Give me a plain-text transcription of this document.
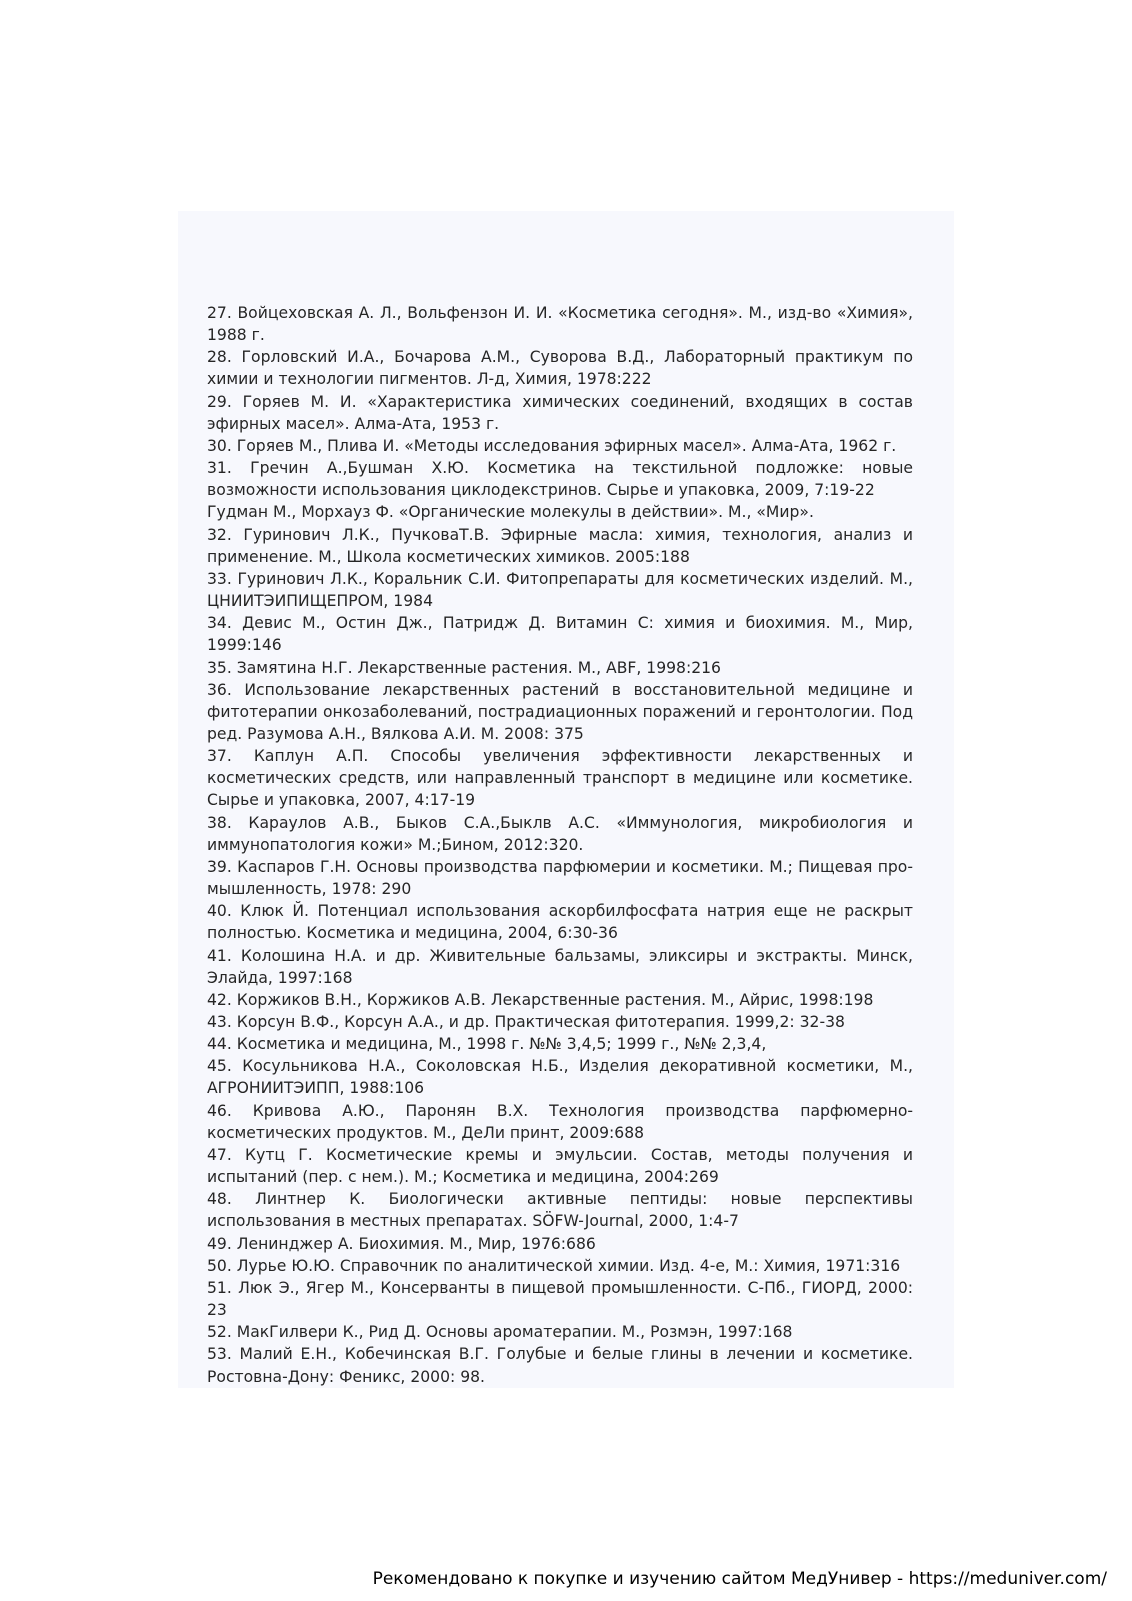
27. Войцеховская А. Л., Вольфензон И. И. «Косметика сегодня». М., изд-во «Химия», 1988 г.

28. Горловский И.А., Бочарова А.М., Суворова В.Д., Лабораторный практикум по химии и технологии пигментов. Л-д, Химия, 1978:222

29. Горяев М. И. «Характеристика химических соединений, входящих в состав эфирных масел». Алма-Ата, 1953 г.

30. Горяев М., Плива И. «Методы исследования эфирных масел». Алма-Ата, 1962 г.

31. Гречин А.,Бушман Х.Ю. Косметика на текстильной подложке: новые возможности использования циклодекстринов. Сырье и упаковка, 2009, 7:19-22

Гудман М., Морхауз Ф. «Органические молекулы в действии». М., «Мир».

32. Гуринович Л.К., ПучковаТ.В. Эфирные масла: химия, технология, анализ и применение. М., Школа косметических химиков. 2005:188

33. Гуринович Л.К., Коральник С.И. Фитопрепараты для косметических изделий. М., ЦНИИТЭИПИЩЕПРОМ, 1984

34. Девис М., Остин Дж., Патридж Д. Витамин С: химия и биохимия. М., Мир, 1999:146

35. Замятина Н.Г. Лекарственные растения. М., ABF, 1998:216

36. Использование лекарственных растений в восстановительной медицине и фитотерапии онкозаболеваний, пострадиационных поражений и геронтологии. Под ред. Разумова А.Н., Вялкова А.И. М. 2008: 375

37. Каплун А.П. Способы увеличения эффективности лекарственных и косметических средств, или направленный транспорт в медицине или косметике. Сырье и упаковка, 2007, 4:17-19

38. Караулов А.В., Быков С.А.,Быклв А.С. «Иммунология, микробиология и иммунопатология кожи» М.;Бином, 2012:320.

39. Каспаров Г.Н. Основы производства парфюмерии и косметики. М.; Пищевая промышленность, 1978: 290

40. Клюк Й. Потенциал использования аскорбилфосфата натрия еще не раскрыт полностью. Косметика и медицина, 2004, 6:30-36

41. Колошина Н.А. и др. Живительные бальзамы, эликсиры и экстракты. Минск, Элайда, 1997:168

42. Коржиков В.Н., Коржиков А.В. Лекарственные растения. М., Айрис, 1998:198

43. Корсун В.Ф., Корсун А.А., и др. Практическая фитотерапия. 1999,2: 32-38

44. Косметика и медицина, М., 1998 г. №№ 3,4,5; 1999 г., №№ 2,3,4,

45. Косульникова Н.А., Соколовская Н.Б., Изделия декоративной косметики, М., АГРОНИИТЭИПП, 1988:106

46. Кривова А.Ю., Паронян В.Х. Технология производства парфюмерно-косметических продуктов. М., ДеЛи принт, 2009:688

47. Кутц Г. Косметические кремы и эмульсии. Состав, методы получения и испытаний (пер. с нем.). М.; Косметика и медицина, 2004:269

48. Линтнер К. Биологически активные пептиды: новые перспективы использования в местных препаратах. SÖFW-Journal, 2000, 1:4-7

49. Ленинджер А. Биохимия. М., Мир, 1976:686

50. Лурье Ю.Ю. Справочник по аналитической химии. Изд. 4-е, М.: Химия, 1971:316

51. Люк Э., Ягер М., Консерванты в пищевой промышленности. С-Пб., ГИОРД, 2000: 23

52. МакГилвери К., Рид Д. Основы ароматерапии. М., Розмэн, 1997:168

53. Малий Е.Н., Кобечинская В.Г. Голубые и белые глины в лечении и косметике. Ростовна-Дону: Феникс, 2000: 98.

Рекомендовано к покупке и изучению сайтом МедУнивер - https://meduniver.com/
